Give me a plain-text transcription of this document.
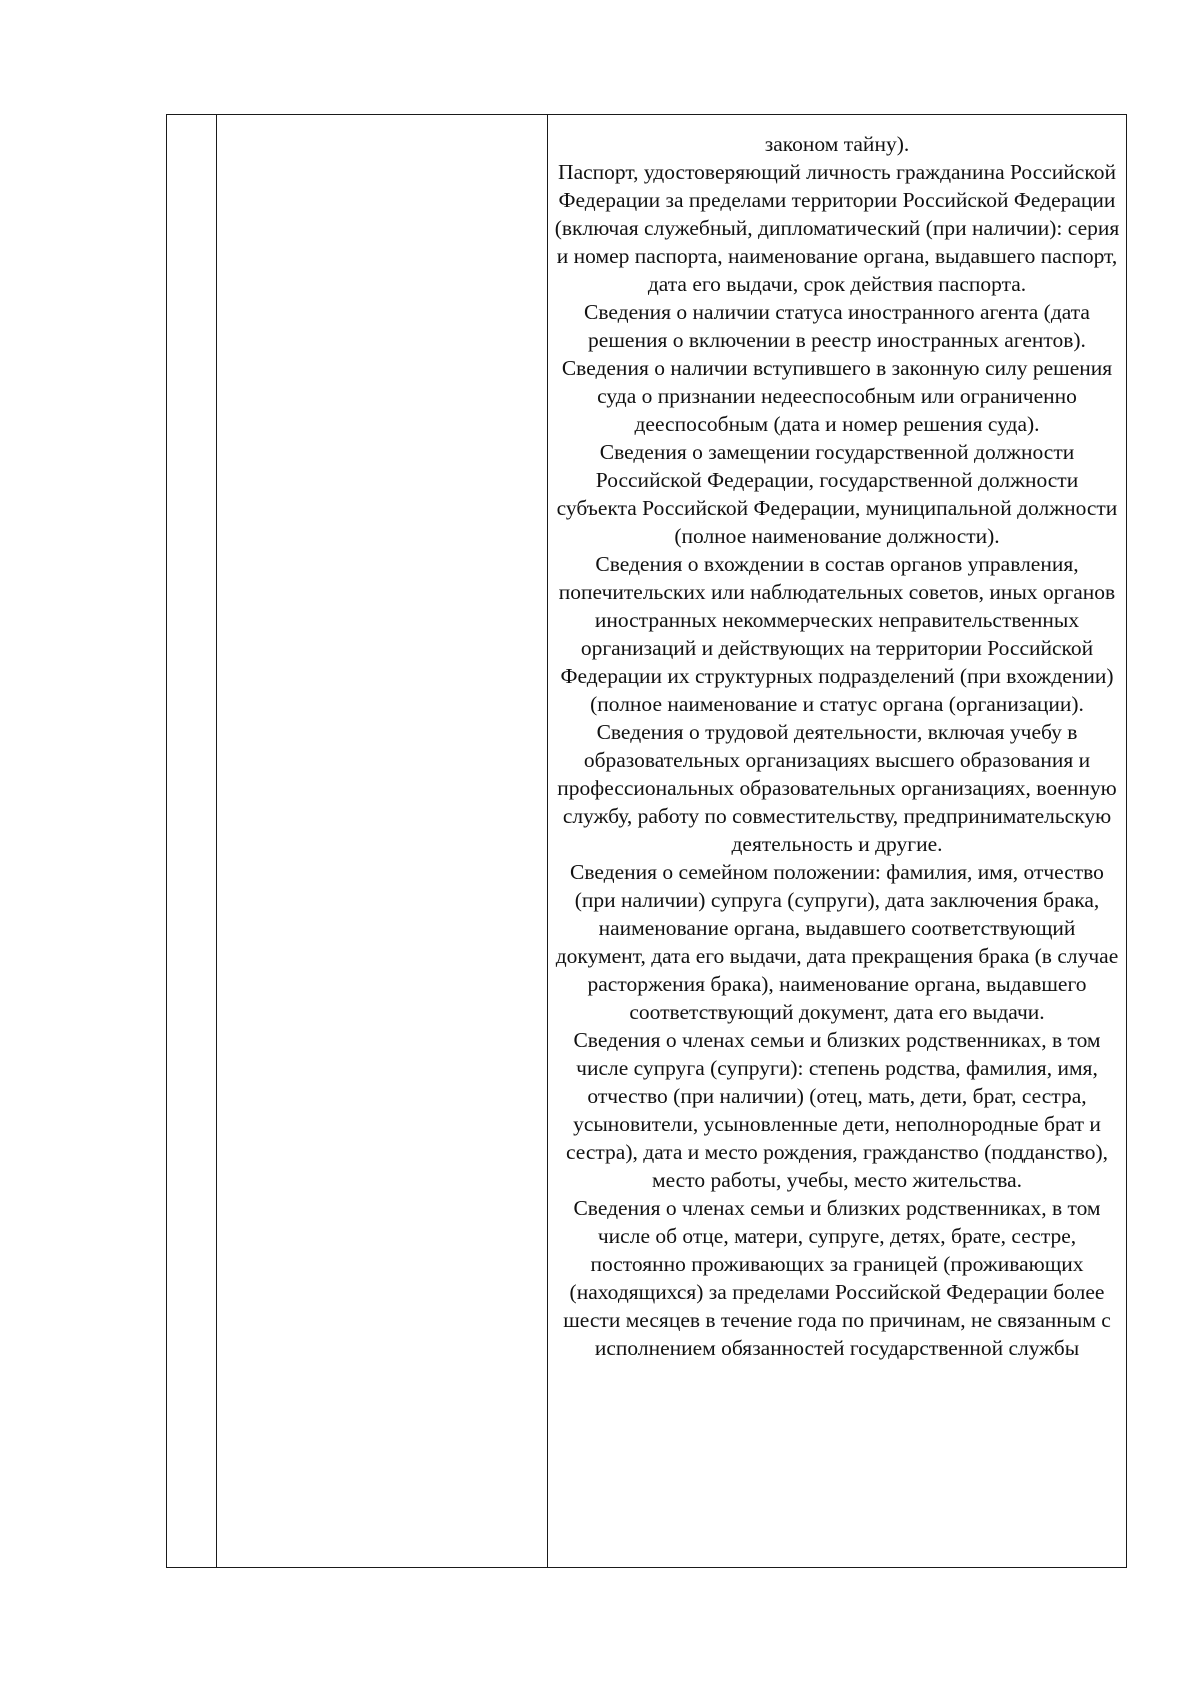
законом тайну).

Паспорт, удостоверяющий личность гражданина Российской Федерации за пределами территории Российской Федерации (включая служебный, дипломатический (при наличии): серия и номер паспорта, наименование органа, выдавшего паспорт, дата его выдачи, срок действия паспорта.

Сведения о наличии статуса иностранного агента (дата решения о включении в реестр иностранных агентов).

Сведения о наличии вступившего в законную силу решения суда о признании недееспособным или ограниченно дееспособным (дата и номер решения суда).

Сведения о замещении государственной должности Российской Федерации, государственной должности субъекта Российской Федерации, муниципальной должности (полное наименование должности).

Сведения о вхождении в состав органов управления, попечительских или наблюдательных советов, иных органов иностранных некоммерческих неправительственных организаций и действующих на территории Российской Федерации их структурных подразделений (при вхождении) (полное наименование и статус органа (организации).

Сведения о трудовой деятельности, включая учебу в образовательных организациях высшего образования и профессиональных образовательных организациях, военную службу, работу по совместительству, предпринимательскую деятельность и другие.

Сведения о семейном положении: фамилия, имя, отчество (при наличии) супруга (супруги), дата заключения брака, наименование органа, выдавшего соответствующий документ, дата его выдачи, дата прекращения брака (в случае расторжения брака), наименование органа, выдавшего соответствующий документ, дата его выдачи.

Сведения о членах семьи и близких родственниках, в том числе супруга (супруги): степень родства, фамилия, имя, отчество (при наличии) (отец, мать, дети, брат, сестра, усыновители, усыновленные дети, неполнородные брат и сестра), дата и место рождения, гражданство (подданство), место работы, учебы, место жительства.

Сведения о членах семьи и близких родственниках, в том числе об отце, матери, супруге, детях, брате, сестре, постоянно проживающих за границей (проживающих (находящихся) за пределами Российской Федерации более шести месяцев в течение года по причинам, не связанным с исполнением обязанностей государственной службы
